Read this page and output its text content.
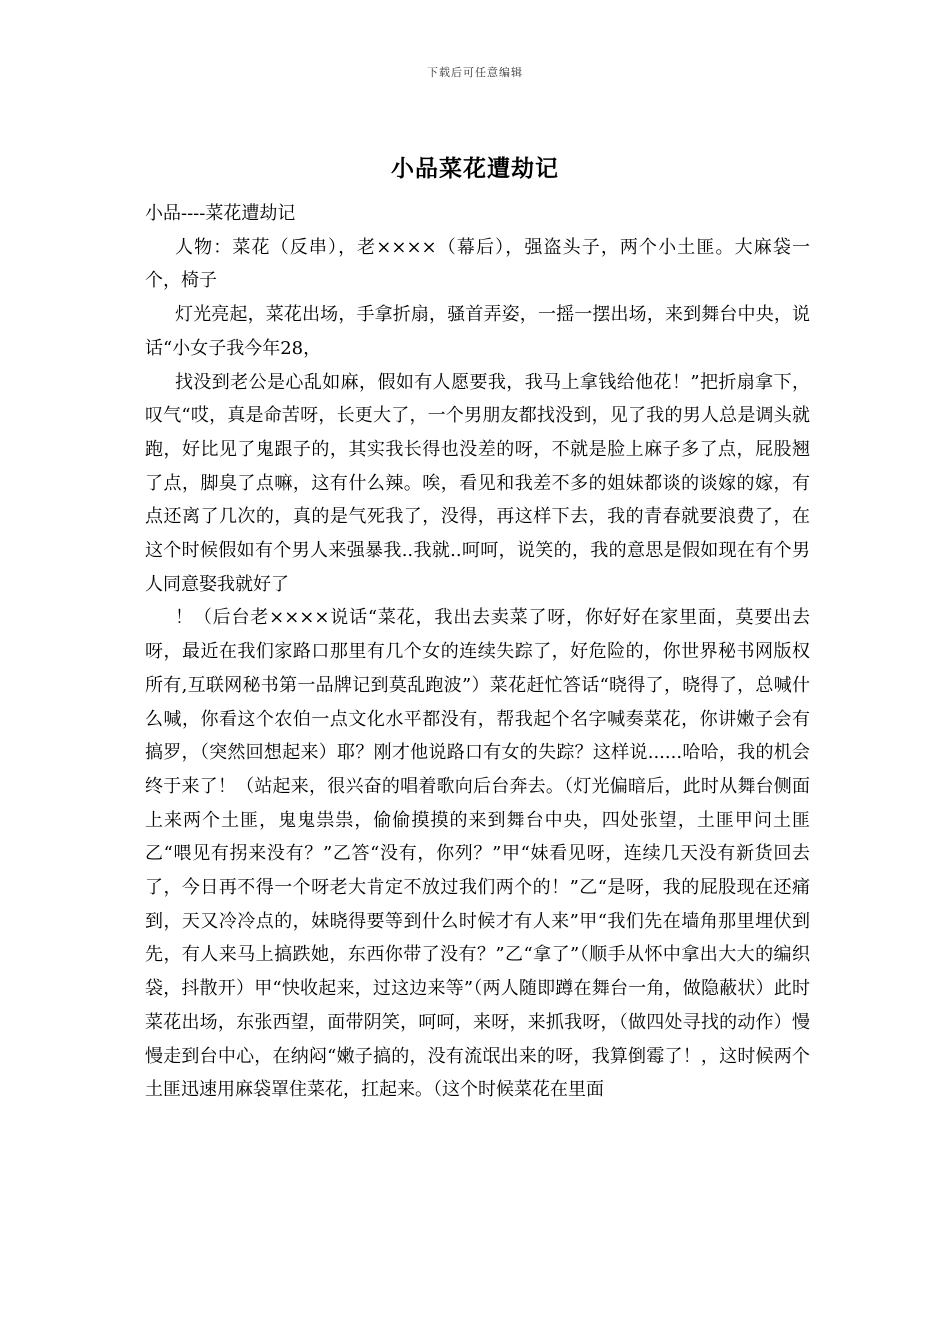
下载后可任意编辑
小品菜花遭劫记

小品----菜花遭劫记

人物：菜花（反串），老××××（幕后），强盗头子，两个小土匪。大麻袋一个，椅子

灯光亮起，菜花出场，手拿折扇，骚首弄姿，一摇一摆出场，来到舞台中央，说话“小女子我今年28，

找没到老公是心乱如麻，假如有人愿要我，我马上拿钱给他花！”把折扇拿下，叹气“哎，真是命苦呀，长更大了，一个男朋友都找没到，见了我的男人总是调头就跑，好比见了鬼跟子的，其实我长得也没差的呀，不就是脸上麻子多了点，屁股翘了点，脚臭了点嘛，这有什么辣。唉，看见和我差不多的姐妹都谈的谈嫁的嫁，有点还离了几次的，真的是气死我了，没得，再这样下去，我的青春就要浪费了，在这个时候假如有个男人来强暴我..我就..呵呵，说笑的，我的意思是假如现在有个男人同意娶我就好了

！（后台老××××说话“菜花，我出去卖菜了呀，你好好在家里面，莫要出去呀，最近在我们家路口那里有几个女的连续失踪了，好危险的，你世界秘书网版权所有,互联网秘书第一品牌记到莫乱跑波”）菜花赶忙答话“晓得了，晓得了，总喊什么喊，你看这个农伯一点文化水平都没有，帮我起个名字喊奏菜花，你讲嫩子会有搞罗，（突然回想起来）耶？刚才他说路口有女的失踪？这样说......哈哈，我的机会终于来了！（站起来，很兴奋的唱着歌向后台奔去。（灯光偏暗后，此时从舞台侧面上来两个土匪，鬼鬼祟祟，偷偷摸摸的来到舞台中央，四处张望，土匪甲问土匪乙“喂见有拐来没有？”乙答“没有，你列？”甲“妹看见呀，连续几天没有新货回去了，今日再不得一个呀老大肯定不放过我们两个的！”乙“是呀，我的屁股现在还痛到，天又冷冷点的，妹晓得要等到什么时候才有人来”甲“我们先在墙角那里埋伏到先，有人来马上搞跌她，东西你带了没有？”乙“拿了”（顺手从怀中拿出大大的编织袋，抖散开）甲“快收起来，过这边来等”（两人随即蹲在舞台一角，做隐蔽状）此时菜花出场，东张西望，面带阴笑，呵呵，来呀，来抓我呀，（做四处寻找的动作）慢慢走到台中心，在纳闷“嫩子搞的，没有流氓出来的呀，我算倒霉了！，这时候两个土匪迅速用麻袋罩住菜花，扛起来。（这个时候菜花在里面
